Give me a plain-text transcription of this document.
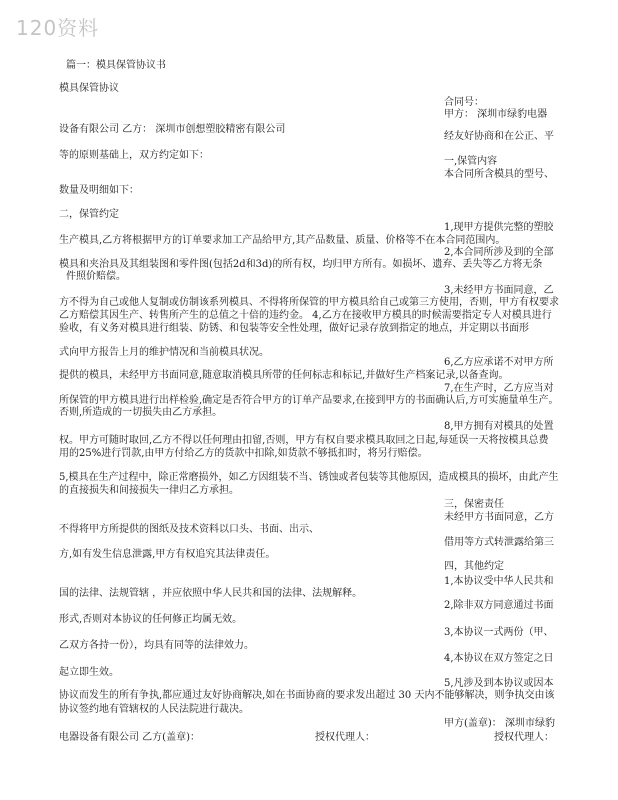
120资料
篇一：模具保管协议书
模具保管协议
合同号：
甲方： 深圳市绿豹电器
设备有限公司 乙方： 深圳市创想塑胶精密有限公司
经友好协商和在公正、平
等的原则基础上，双方约定如下：
一,保管内容
本合同所含模具的型号、
数量及明细如下：
二，保管约定
1,现甲方提供完整的塑胶
生产模具,乙方将根据甲方的订单要求加工产品给甲方,其产品数量、质量、价格等不在本合同范围内。
2,本合同所涉及到的全部
模具和夹治具及其组装图和零件图(包括2d和3d)的所有权，均归甲方所有。如损坏、遗弃、丢失等乙方将无条
件照价赔偿。
3,未经甲方书面同意，乙
方不得为自己或他人复制或仿制该系列模具、不得将所保管的甲方模具给自己或第三方使用，否则，甲方有权要求
乙方赔偿其因生产、转售所产生的总值之十倍的违约金。 4,乙方在接收甲方模具的时候需要指定专人对模具进行
验收，有义务对模具进行组装、防锈、和包装等安全性处理，做好记录存放到指定的地点，并定期以书面形
式向甲方报告上月的维护情况和当前模具状况。
6,乙方应承诺不对甲方所
提供的模具，未经甲方书面同意,随意取消模具所带的任何标志和标记,并做好生产档案记录,以备查询。
7,在生产时，乙方应当对
所保管的甲方模具进行出样检验,确定是否符合甲方的订单产品要求,在接到甲方的书面确认后,方可实施量单生产。
否则,所造成的一切损失由乙方承担。
8,甲方拥有对模具的处置
权。甲方可随时取回,乙方不得以任何理由扣留,否则，甲方有权自要求模具取回之日起,每延误一天将按模具总费
用的25%进行罚款,由甲方付给乙方的货款中扣除,如货款不够抵扣时，将另行赔偿。
5,模具在生产过程中，除正常磨损外，如乙方因组装不当、锈蚀或者包装等其他原因，造成模具的损坏，由此产生
的直接损失和间接损失一律归乙方承担。
三，保密责任
未经甲方书面同意，乙方
不得将甲方所提供的图纸及技术资料以口头、书面、出示、
借用等方式转泄露给第三
方,如有发生信息泄露,甲方有权追究其法律责任。
四，其他约定
1,本协议受中华人民共和
国的法律、法规管辖 ，并应依照中华人民共和国的法律、法规解释。
2,除非双方同意通过书面
形式,否则对本协议的任何修正均属无效。
3,本协议一式两份（甲、
乙双方各持一份），均具有同等的法律效力。
4,本协议在双方签定之日
起立即生效。
5,凡涉及到本协议或因本
协议而发生的所有争执,都应通过友好协商解决,如在书面协商的要求发出超过 30 天内不能够解决，则争执交由该
协议签约地有管辖权的人民法院进行裁决。
甲方(盖章)： 深圳市绿豹
电器设备有限公司 乙方(盖章)：	授权代理人：	授权代理人：
